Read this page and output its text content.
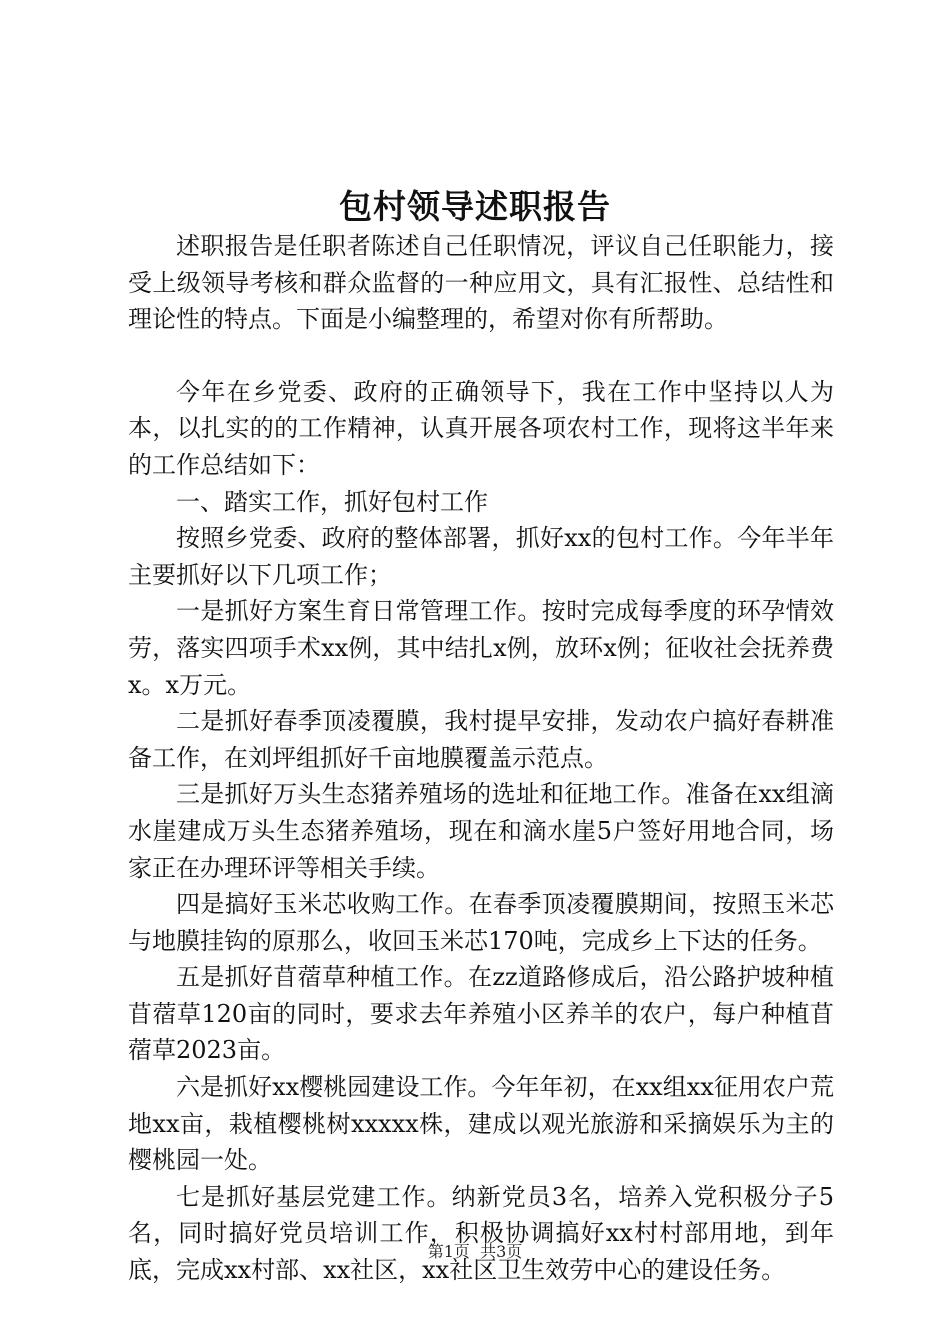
包村领导述职报告

述职报告是任职者陈述自己任职情况，评议自己任职能力，接受上级领导考核和群众监督的一种应用文，具有汇报性、总结性和理论性的特点。下面是小编整理的，希望对你有所帮助。

今年在乡党委、政府的正确领导下，我在工作中坚持以人为本，以扎实的的工作精神，认真开展各项农村工作，现将这半年来的工作总结如下：

一、踏实工作，抓好包村工作

按照乡党委、政府的整体部署，抓好xx的包村工作。今年半年主要抓好以下几项工作；

一是抓好方案生育日常管理工作。按时完成每季度的环孕情效劳，落实四项手术xx例，其中结扎x例，放环x例；征收社会抚养费x。x万元。

二是抓好春季顶凌覆膜，我村提早安排，发动农户搞好春耕准备工作，在刘坪组抓好千亩地膜覆盖示范点。

三是抓好万头生态猪养殖场的选址和征地工作。准备在xx组滴水崖建成万头生态猪养殖场，现在和滴水崖5户签好用地合同，场家正在办理环评等相关手续。

四是搞好玉米芯收购工作。在春季顶凌覆膜期间，按照玉米芯与地膜挂钩的原那么，收回玉米芯170吨，完成乡上下达的任务。

五是抓好苜蓿草种植工作。在zz道路修成后，沿公路护坡种植苜蓿草120亩的同时，要求去年养殖小区养羊的农户，每户种植苜蓿草2023亩。

六是抓好xx樱桃园建设工作。今年年初，在xx组xx征用农户荒地xx亩，栽植樱桃树xxxxx株，建成以观光旅游和采摘娱乐为主的樱桃园一处。

七是抓好基层党建工作。纳新党员3名，培养入党积极分子5名，同时搞好党员培训工作，积极协调搞好xx村村部用地，到年底，完成xx村部、xx社区，xx社区卫生效劳中心的建设任务。

第1页 共3页
